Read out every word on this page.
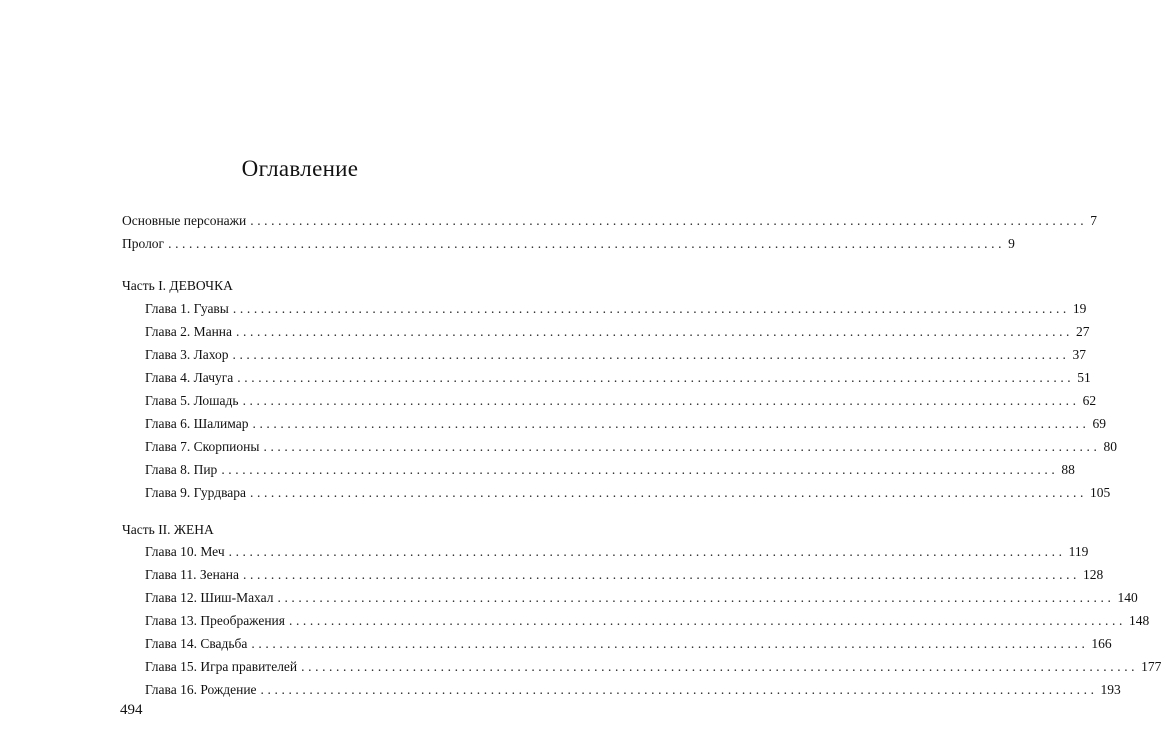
Оглавление
Основные персонажи ........................................................................................................................ 7
Пролог ........................................................................................................................ 9
Часть I. ДЕВОЧКА
Глава 1. Гуавы ........................................................................................................................ 19
Глава 2. Манна ........................................................................................................................ 27
Глава 3. Лахор ........................................................................................................................ 37
Глава 4. Лачуга ........................................................................................................................ 51
Глава 5. Лошадь ........................................................................................................................ 62
Глава 6. Шалимар ........................................................................................................................ 69
Глава 7. Скорпионы ........................................................................................................................ 80
Глава 8. Пир ........................................................................................................................ 88
Глава 9. Гурдвара ........................................................................................................................ 105
Часть II. ЖЕНА
Глава 10. Меч ........................................................................................................................ 119
Глава 11. Зенана ........................................................................................................................ 128
Глава 12. Шиш-Махал ........................................................................................................................ 140
Глава 13. Преображения ........................................................................................................................ 148
Глава 14. Свадьба ........................................................................................................................ 166
Глава 15. Игра правителей ........................................................................................................................ 177
Глава 16. Рождение ........................................................................................................................ 193
494
